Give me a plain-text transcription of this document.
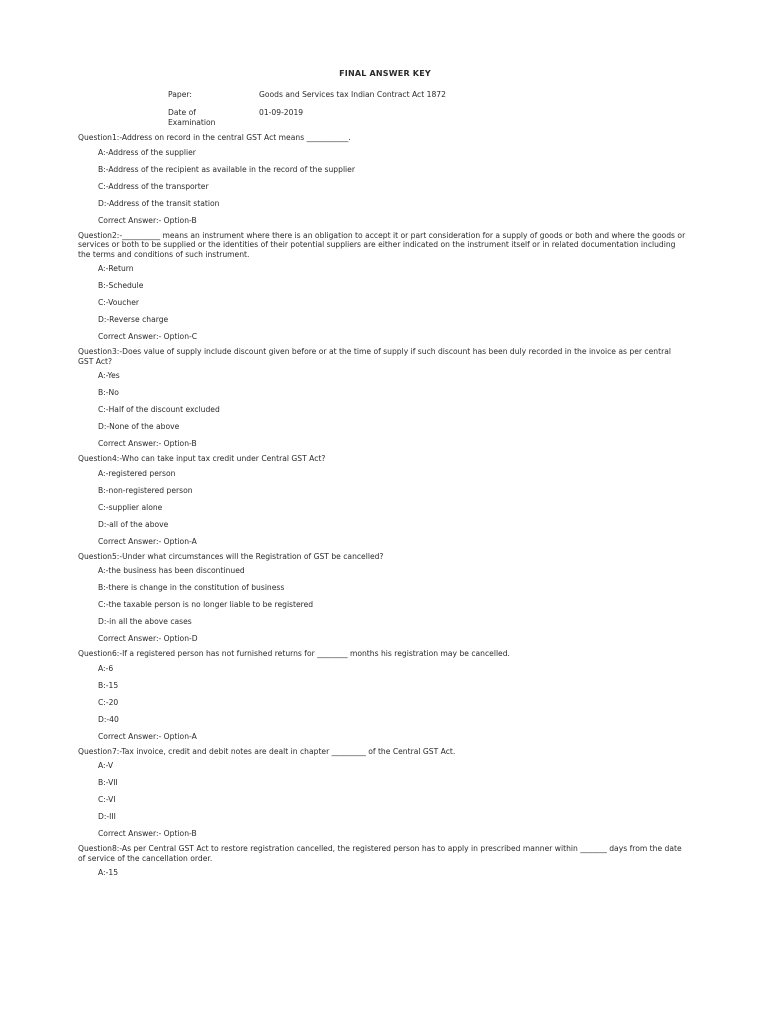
FINAL ANSWER KEY
Paper:	Goods and Services tax Indian Contract Act 1872
Date of
Examination
01-09-2019
Question1:-Address on record in the central GST Act means ___________.
A:-Address of the supplier
B:-Address of the recipient as available in the record of the supplier
C:-Address of the transporter
D:-Address of the transit station
Correct Answer:- Option-B
Question2:-__________ means an instrument where there is an obligation to accept it or part consideration for a supply of goods or both and where the goods or services or both to be supplied or the identities of their potential suppliers are either indicated on the instrument itself or in related documentation including the terms and conditions of such instrument.
A:-Return
B:-Schedule
C:-Voucher
D:-Reverse charge
Correct Answer:- Option-C
Question3:-Does value of supply include discount given before or at the time of supply if such discount has been duly recorded in the invoice as per central GST Act?
A:-Yes
B:-No
C:-Half of the discount excluded
D:-None of the above
Correct Answer:- Option-B
Question4:-Who can take input tax credit under Central GST Act?
A:-registered person
B:-non-registered person
C:-supplier alone
D:-all of the above
Correct Answer:- Option-A
Question5:-Under what circumstances will the Registration of GST be cancelled?
A:-the business has been discontinued
B:-there is change in the constitution of business
C:-the taxable person is no longer liable to be registered
D:-in all the above cases
Correct Answer:- Option-D
Question6:-If a registered person has not furnished returns for ________ months his registration may be cancelled.
A:-6
B:-15
C:-20
D:-40
Correct Answer:- Option-A
Question7:-Tax invoice, credit and debit notes are dealt in chapter _________ of the Central GST Act.
A:-V
B:-VII
C:-VI
D:-III
Correct Answer:- Option-B
Question8:-As per Central GST Act to restore registration cancelled, the registered person has to apply in prescribed manner within _______ days from the date of service of the cancellation order.
A:-15
